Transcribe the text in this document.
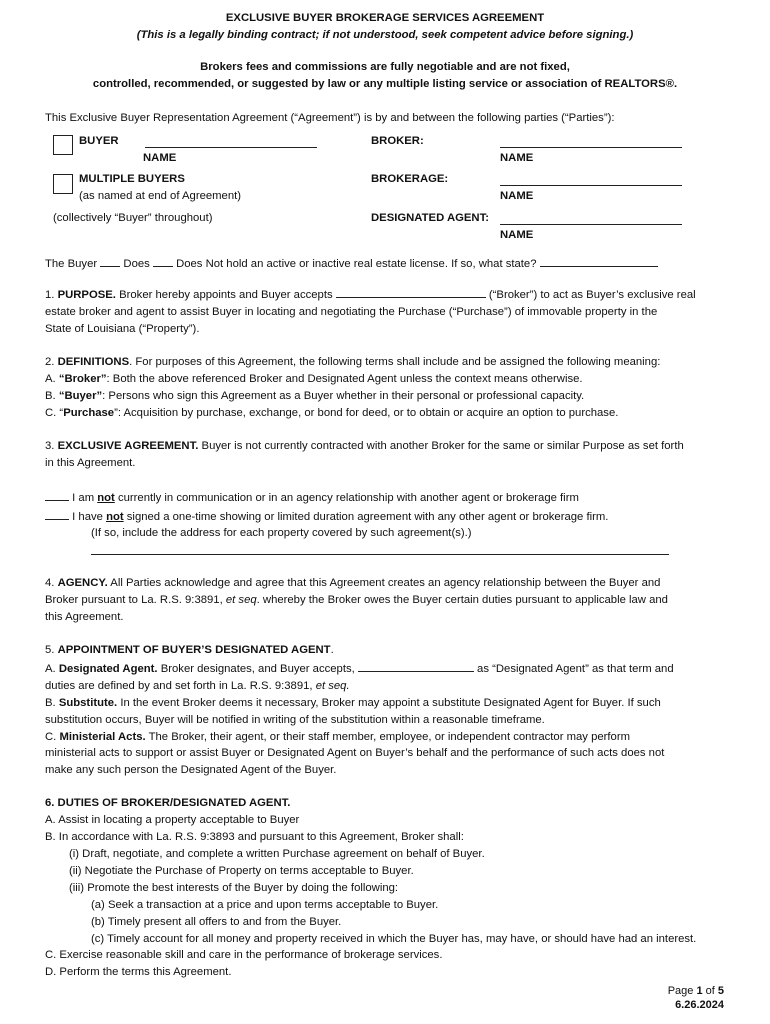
EXCLUSIVE BUYER BROKERAGE SERVICES AGREEMENT
(This is a legally binding contract; if not understood, seek competent advice before signing.)
Brokers fees and commissions are fully negotiable and are not fixed,
controlled, recommended, or suggested by law or any multiple listing service or association of REALTORS®.
This Exclusive Buyer Representation Agreement (“Agreement”) is by and between the following parties (“Parties”):
BUYER
NAME
MULTIPLE BUYERS
(as named at end of Agreement)
(collectively “Buyer” throughout)
BROKER:
NAME
BROKERAGE:
NAME
DESIGNATED AGENT:
NAME
The Buyer Does Does Not hold an active or inactive real estate license. If so, what state?
1. PURPOSE. Broker hereby appoints and Buyer accepts	(“Broker”) to act as Buyer’s exclusive real
estate broker and agent to assist Buyer in locating and negotiating the Purchase (“Purchase”) of immovable property in the
State of Louisiana (“Property”).
2. DEFINITIONS. For purposes of this Agreement, the following terms shall include and be assigned the following meaning:
A. “Broker”: Both the above referenced Broker and Designated Agent unless the context means otherwise.
B. “Buyer”: Persons who sign this Agreement as a Buyer whether in their personal or professional capacity.
C. “Purchase”: Acquisition by purchase, exchange, or bond for deed, or to obtain or acquire an option to purchase.
3. EXCLUSIVE AGREEMENT. Buyer is not currently contracted with another Broker for the same or similar Purpose as set forth
in this Agreement.
I am not currently in communication or in an agency relationship with another agent or brokerage firm
I have not signed a one-time showing or limited duration agreement with any other agent or brokerage firm.
(If so, include the address for each property covered by such agreement(s).)
4. AGENCY. All Parties acknowledge and agree that this Agreement creates an agency relationship between the Buyer and
Broker pursuant to La. R.S. 9:3891, et seq. whereby the Broker owes the Buyer certain duties pursuant to applicable law and
this Agreement.
5. APPOINTMENT OF BUYER’S DESIGNATED AGENT.
A. Designated Agent. Broker designates, and Buyer accepts,	as “Designated Agent” as that term and
duties are defined by and set forth in La. R.S. 9:3891, et seq.
B. Substitute. In the event Broker deems it necessary, Broker may appoint a substitute Designated Agent for Buyer. If such
substitution occurs, Buyer will be notified in writing of the substitution within a reasonable timeframe.
C. Ministerial Acts. The Broker, their agent, or their staff member, employee, or independent contractor may perform
ministerial acts to support or assist Buyer or Designated Agent on Buyer’s behalf and the performance of such acts does not
make any such person the Designated Agent of the Buyer.
6. DUTIES OF BROKER/DESIGNATED AGENT.
A. Assist in locating a property acceptable to Buyer
B. In accordance with La. R.S. 9:3893 and pursuant to this Agreement, Broker shall:
(i) Draft, negotiate, and complete a written Purchase agreement on behalf of Buyer.
(ii) Negotiate the Purchase of Property on terms acceptable to Buyer.
(iii) Promote the best interests of the Buyer by doing the following:
(a) Seek a transaction at a price and upon terms acceptable to Buyer.
(b) Timely present all offers to and from the Buyer.
(c) Timely account for all money and property received in which the Buyer has, may have, or should have had an interest.
C. Exercise reasonable skill and care in the performance of brokerage services.
D. Perform the terms this Agreement.
Page 1 of 5
6.26.2024
